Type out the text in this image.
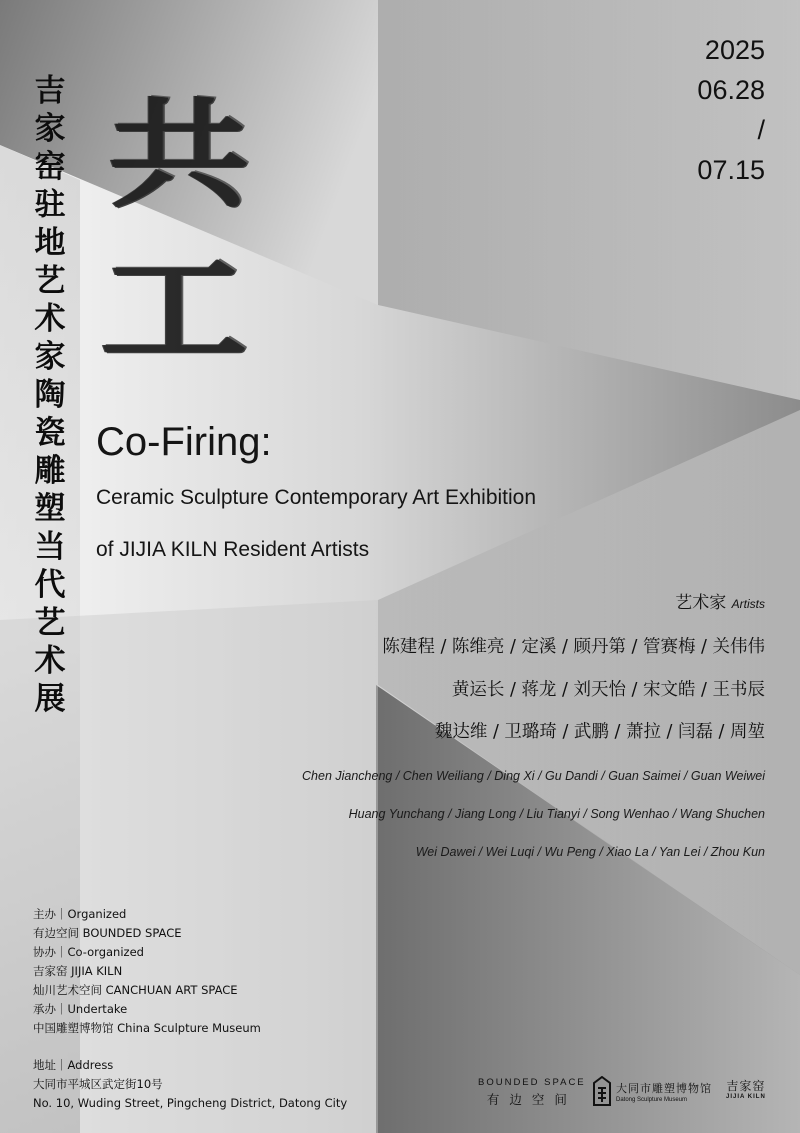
吉
家
窑
驻
地
艺
术
家
陶
瓷
雕
塑
当
代
艺
术
展
共
工
2025
06.28
/
07.15
Co-Firing:
Ceramic Sculpture Contemporary Art Exhibition
of JIJIA KILN Resident Artists
艺术家 Artists
陈建程 / 陈维亮 / 定溪 / 顾丹第 / 管赛梅 / 关伟伟
黄运长 / 蒋龙 / 刘天怡 / 宋文皓 / 王书辰
魏达维 / 卫璐琦 / 武鹏 / 萧拉 / 闫磊 / 周堃
Chen Jiancheng / Chen Weiliang / Ding Xi / Gu Dandi / Guan Saimei / Guan Weiwei
Huang Yunchang / Jiang Long / Liu Tianyi / Song Wenhao / Wang Shuchen
Wei Dawei / Wei Luqi / Wu Peng / Xiao La / Yan Lei / Zhou Kun
主办｜Organized
有边空间 BOUNDED SPACE
协办｜Co-organized
吉家窑 JIJIA KILN
灿川艺术空间 CANCHUAN ART SPACE
承办｜Undertake
中国雕塑博物馆 China Sculpture Museum
地址｜Address
大同市平城区武定街10号
No. 10, Wuding Street, Pingcheng District, Datong City
BOUNDED SPACE
有边空间
大同市雕塑博物馆
Datong Sculpture Museum
吉家窑
JIJIA KILN
